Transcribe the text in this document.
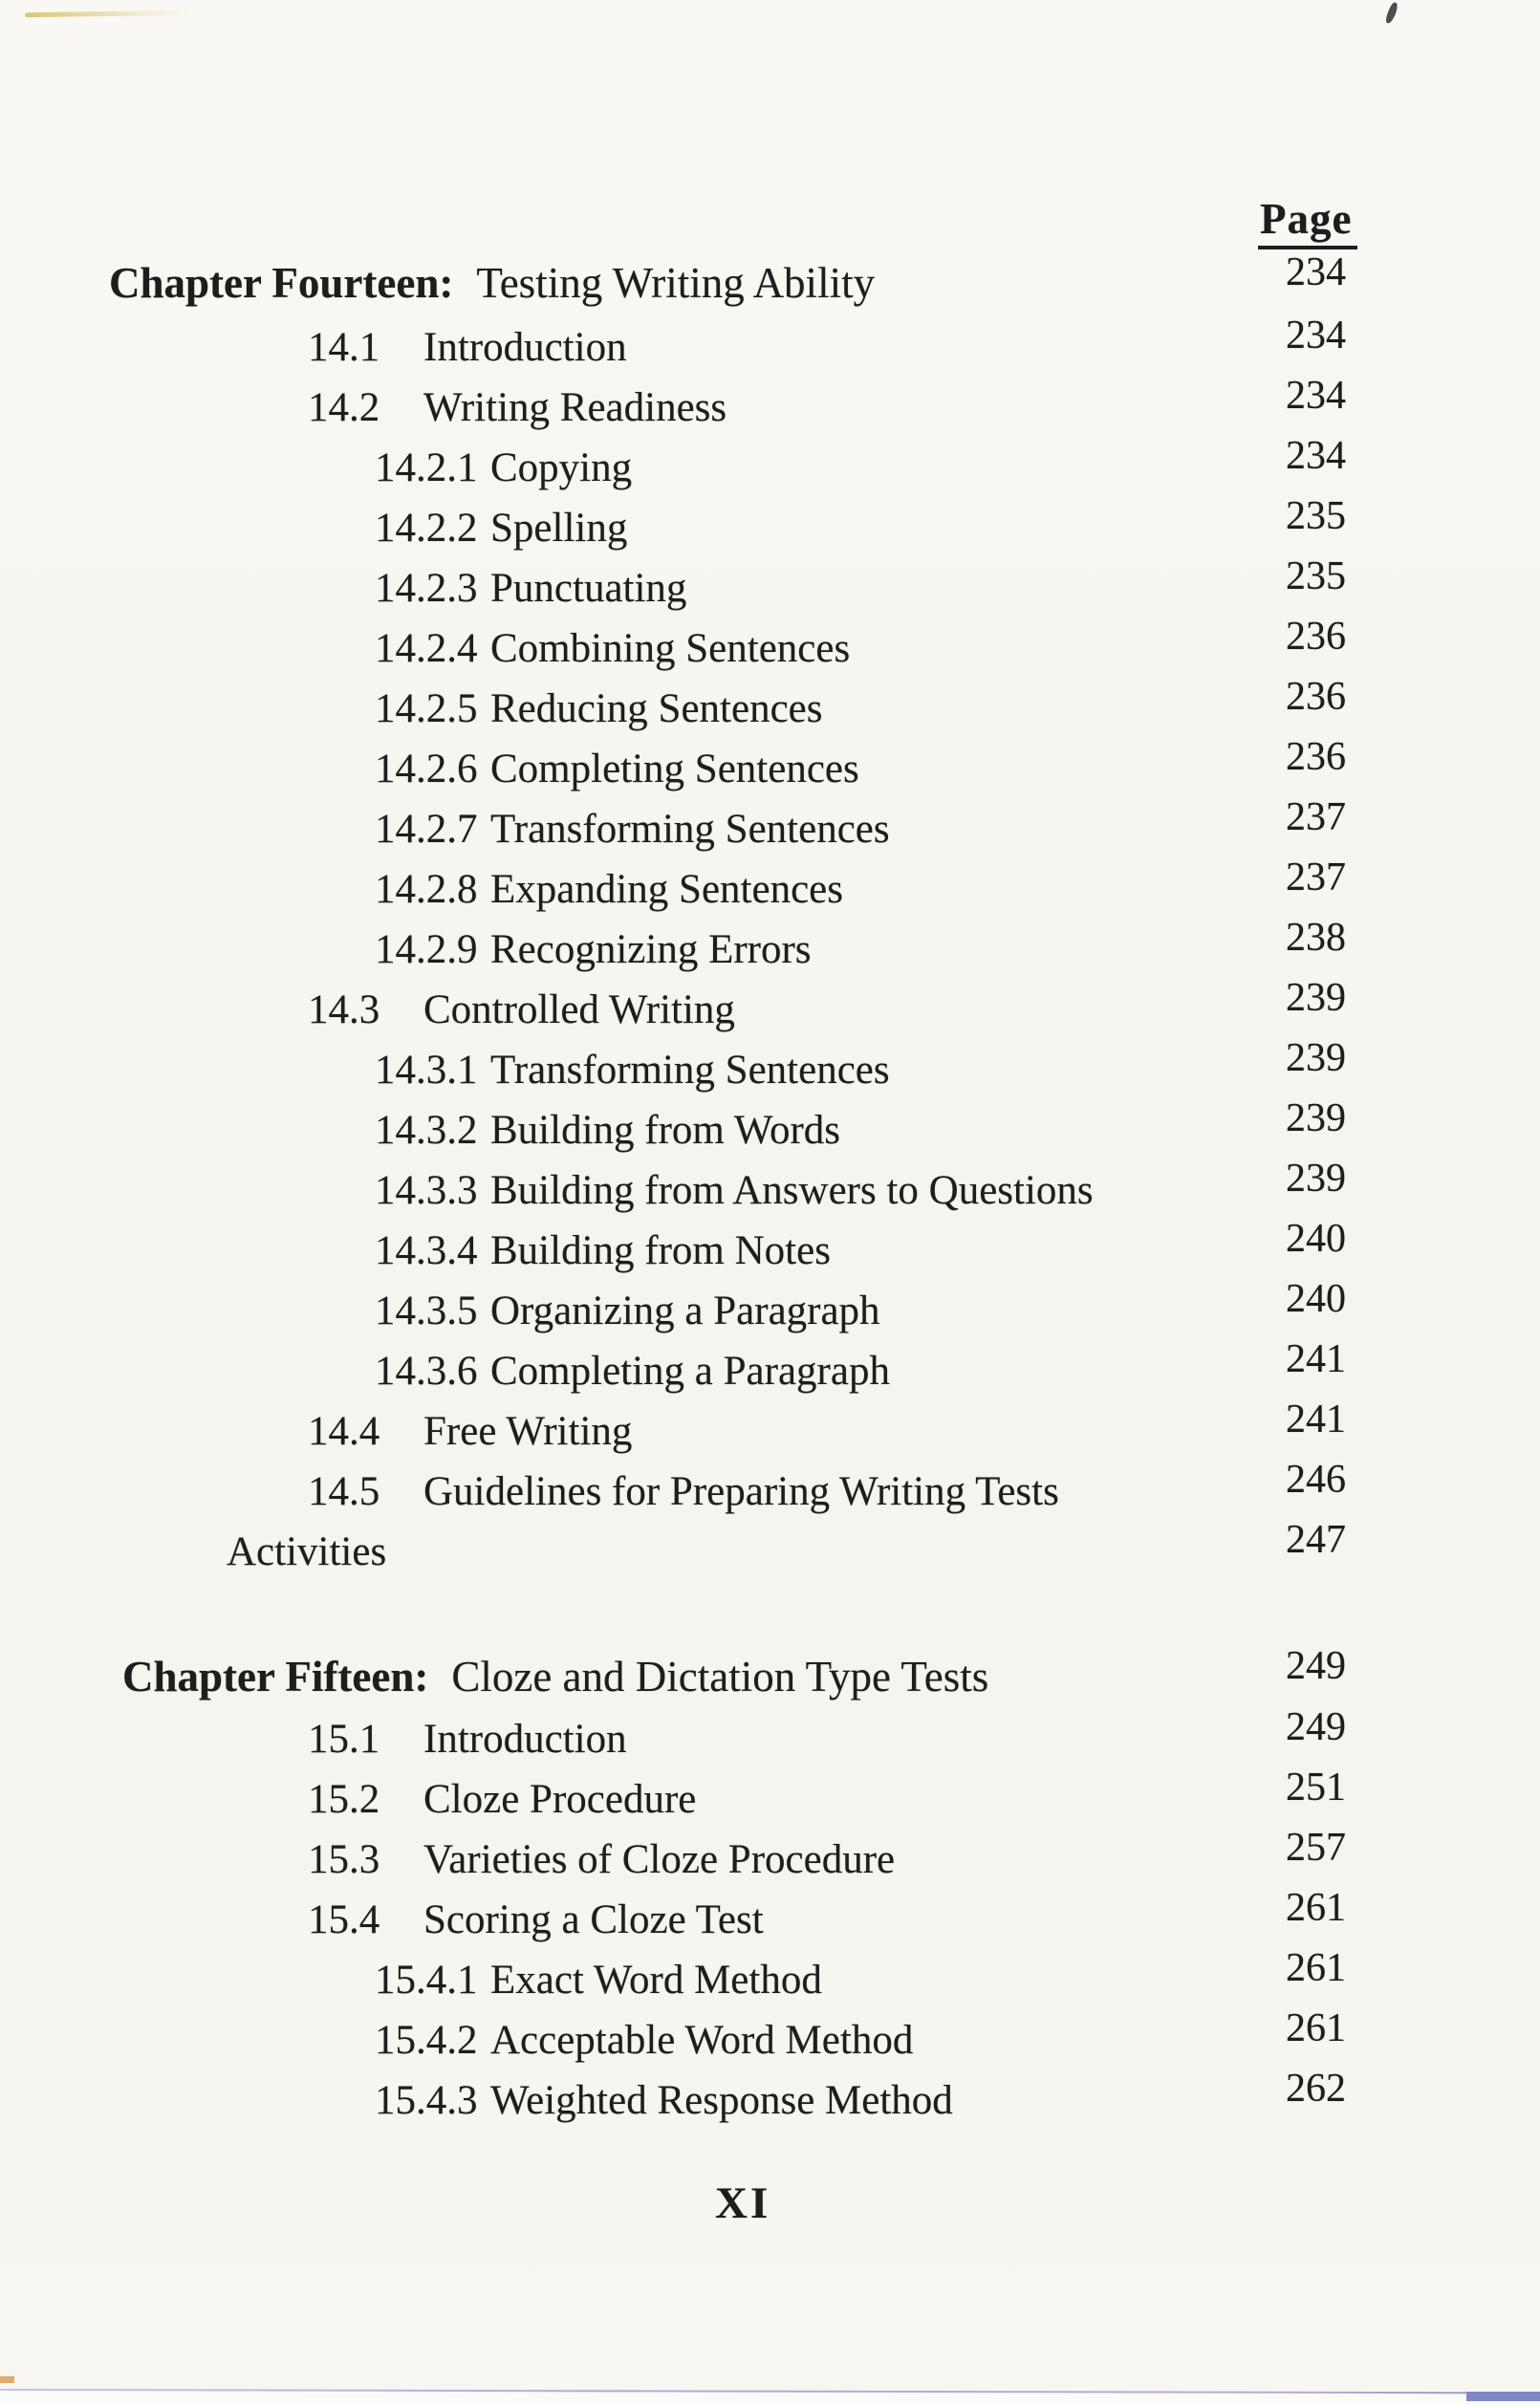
Page
Chapter Fourteen: Testing Writing Ability	234
14.1	Introduction	234
14.2	Writing Readiness	234
14.2.1 Copying	234
14.2.2 Spelling	235
14.2.3 Punctuating	235
14.2.4 Combining Sentences	236
14.2.5 Reducing Sentences	236
14.2.6 Completing Sentences	236
14.2.7 Transforming Sentences	237
14.2.8 Expanding Sentences	237
14.2.9 Recognizing Errors	238
14.3	Controlled Writing	239
14.3.1 Transforming Sentences	239
14.3.2 Building from Words	239
14.3.3 Building from Answers to Questions	239
14.3.4 Building from Notes	240
14.3.5 Organizing a Paragraph	240
14.3.6 Completing a Paragraph	241
14.4	Free Writing	241
14.5	Guidelines for Preparing Writing Tests	246
Activities	247
Chapter Fifteen: Cloze and Dictation Type Tests	249
15.1	Introduction	249
15.2	Cloze Procedure	251
15.3	Varieties of Cloze Procedure	257
15.4	Scoring a Cloze Test	261
15.4.1 Exact Word Method	261
15.4.2 Acceptable Word Method	261
15.4.3 Weighted Response Method	262
XI
